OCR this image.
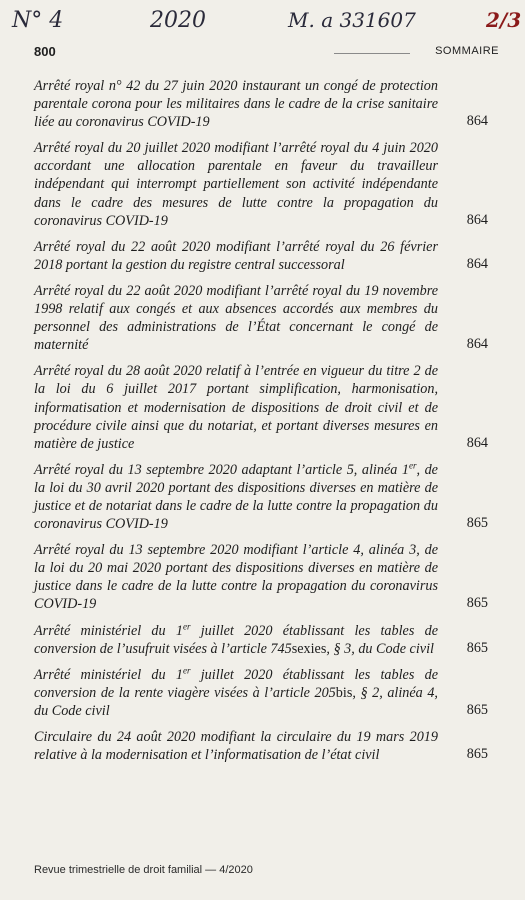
N° 4	2020	M. a 331607	2/3
800	SOMMAIRE
Arrêté royal n° 42 du 27 juin 2020 instaurant un congé de protection parentale corona pour les militaires dans le cadre de la crise sanitaire liée au coronavirus COVID-19	864
Arrêté royal du 20 juillet 2020 modifiant l’arrêté royal du 4 juin 2020 accordant une allocation parentale en faveur du travailleur indépendant qui interrompt partiellement son activité indépendante dans le cadre des mesures de lutte contre la propagation du coronavirus COVID-19	864
Arrêté royal du 22 août 2020 modifiant l’arrêté royal du 26 février 2018 portant la gestion du registre central successoral	864
Arrêté royal du 22 août 2020 modifiant l’arrêté royal du 19 novembre 1998 relatif aux congés et aux absences accordés aux membres du personnel des administrations de l’État concernant le congé de maternité	864
Arrêté royal du 28 août 2020 relatif à l’entrée en vigueur du titre 2 de la loi du 6 juillet 2017 portant simplification, harmonisation, informatisation et modernisation de dispositions de droit civil et de procédure civile ainsi que du notariat, et portant diverses mesures en matière de justice	864
Arrêté royal du 13 septembre 2020 adaptant l’article 5, alinéa 1er, de la loi du 30 avril 2020 portant des dispositions diverses en matière de justice et de notariat dans le cadre de la lutte contre la propagation du coronavirus COVID-19	865
Arrêté royal du 13 septembre 2020 modifiant l’article 4, alinéa 3, de la loi du 20 mai 2020 portant des dispositions diverses en matière de justice dans le cadre de la lutte contre la propagation du coronavirus COVID-19	865
Arrêté ministériel du 1er juillet 2020 établissant les tables de conversion de l’usufruit visées à l’article 745sexies, § 3, du Code civil 865
Arrêté ministériel du 1er juillet 2020 établissant les tables de conversion de la rente viagère visées à l’article 205bis, § 2, alinéa 4, du Code civil	865
Circulaire du 24 août 2020 modifiant la circulaire du 19 mars 2019 relative à la modernisation et l’informatisation de l’état civil	865
Revue trimestrielle de droit familial — 4/2020
